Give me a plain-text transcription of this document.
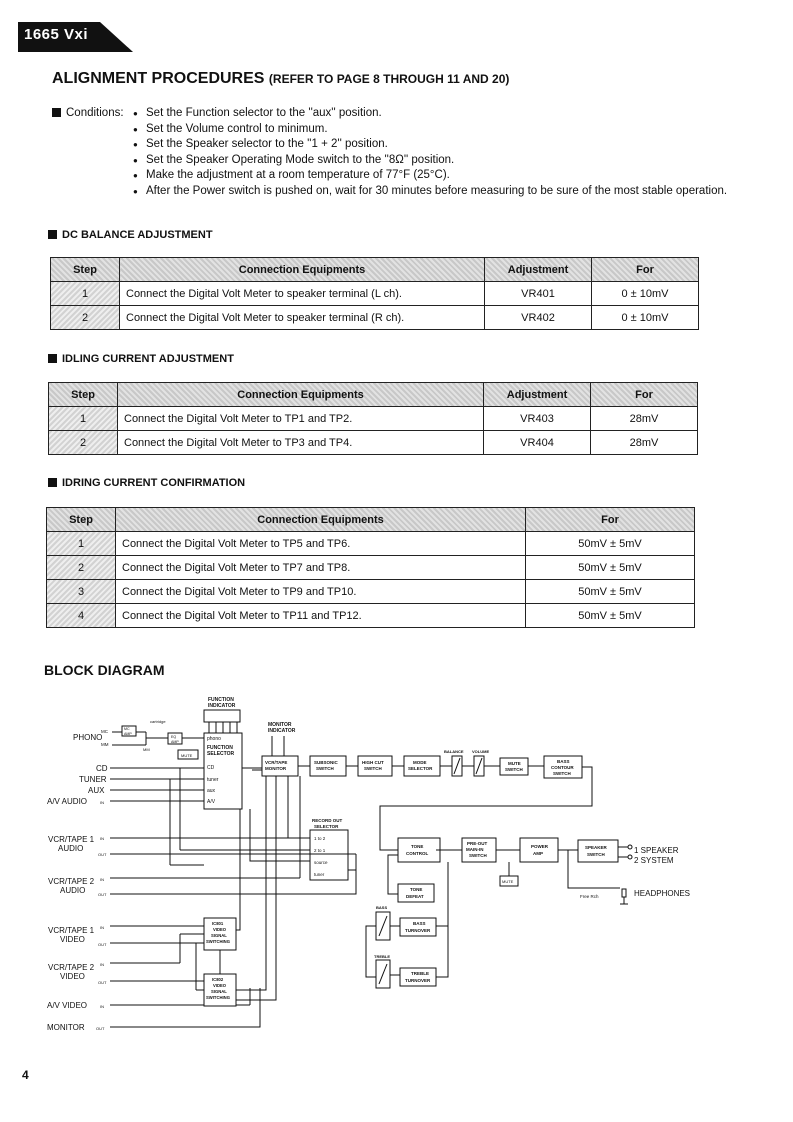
1665 Vxi
ALIGNMENT PROCEDURES (REFER TO PAGE 8 THROUGH 11 AND 20)
Conditions:	● Set the Function selector to the ''aux'' position.
● Set the Volume control to minimum.
● Set the Speaker selector to the ''1 + 2'' position.
● Set the Speaker Operating Mode switch to the ''8Ω'' position.
● Make the adjustment at a room temperature of 77°F (25°C).
● After the Power switch is pushed on, wait for 30 minutes before measuring to be sure of the most stable operation.
DC BALANCE ADJUSTMENT
Step	Connection Equipments	Adjustment	For
1	Connect the Digital Volt Meter to speaker terminal (L ch).	VR401	0 ± 10mV
2	Connect the Digital Volt Meter to speaker terminal (R ch).	VR402	0 ± 10mV
IDLING CURRENT ADJUSTMENT
Step	Connection Equipments	Adjustment	For
1	Connect the Digital Volt Meter to TP1 and TP2.	VR403	28mV
2	Connect the Digital Volt Meter to TP3 and TP4.	VR404	28mV
IDRING CURRENT CONFIRMATION
Step	Connection Equipments	For
1	Connect the Digital Volt Meter to TP5 and TP6.	50mV ± 5mV
2	Connect the Digital Volt Meter to TP7 and TP8.	50mV ± 5mV
3	Connect the Digital Volt Meter to TP9 and TP10.	50mV ± 5mV
4	Connect the Digital Volt Meter to TP11 and TP12.	50mV ± 5mV
BLOCK DIAGRAM
FUNCTION
INDICATOR
phono
FUNCTION
SELECTOR
CD
tuner
aux
A/V
PHONO
MC
MM
MC
AMP
cartridge
MM
EQ
AMP
MUTE
CD
TUNER
AUX
A/V AUDIO	IN
MONITOR
INDICATOR
VCR/TAPE
MONITOR
SUBSONIC
SWITCH
HIGH CUT
SWITCH
MODE
SELECTOR
BALANCE VOLUME
MUTE
SWITCH
BASS
CONTOUR
SWITCH
RECORD OUT
SELECTOR
1 to 2
2 to 1
source
tuner
VCR/TAPE 1
AUDIO
IN
OUT
VCR/TAPE 2
AUDIO
IN
OUT
TONE
CONTROL
PRE-OUT
MAIN-IN
SWITCH
POWER
AMP
SPEAKER
SWITCH	1 SPEAKER
2 SYSTEM
MUTE
Free Rch	HEADPHONES
TONE
DEFEAT
BASS
BASS
TURNOVER
TREBLE
TREBLE
TURNOVER
VCR/TAPE 1
VIDEO
IN
OUT
VCR/TAPE 2
VIDEO
IN
OUT
A/V VIDEO	IN
MONITOR	OUT
IC801
VIDEO
SIGNAL
SWITCHING
IC802
VIDEO
SIGNAL
SWITCHING
4
